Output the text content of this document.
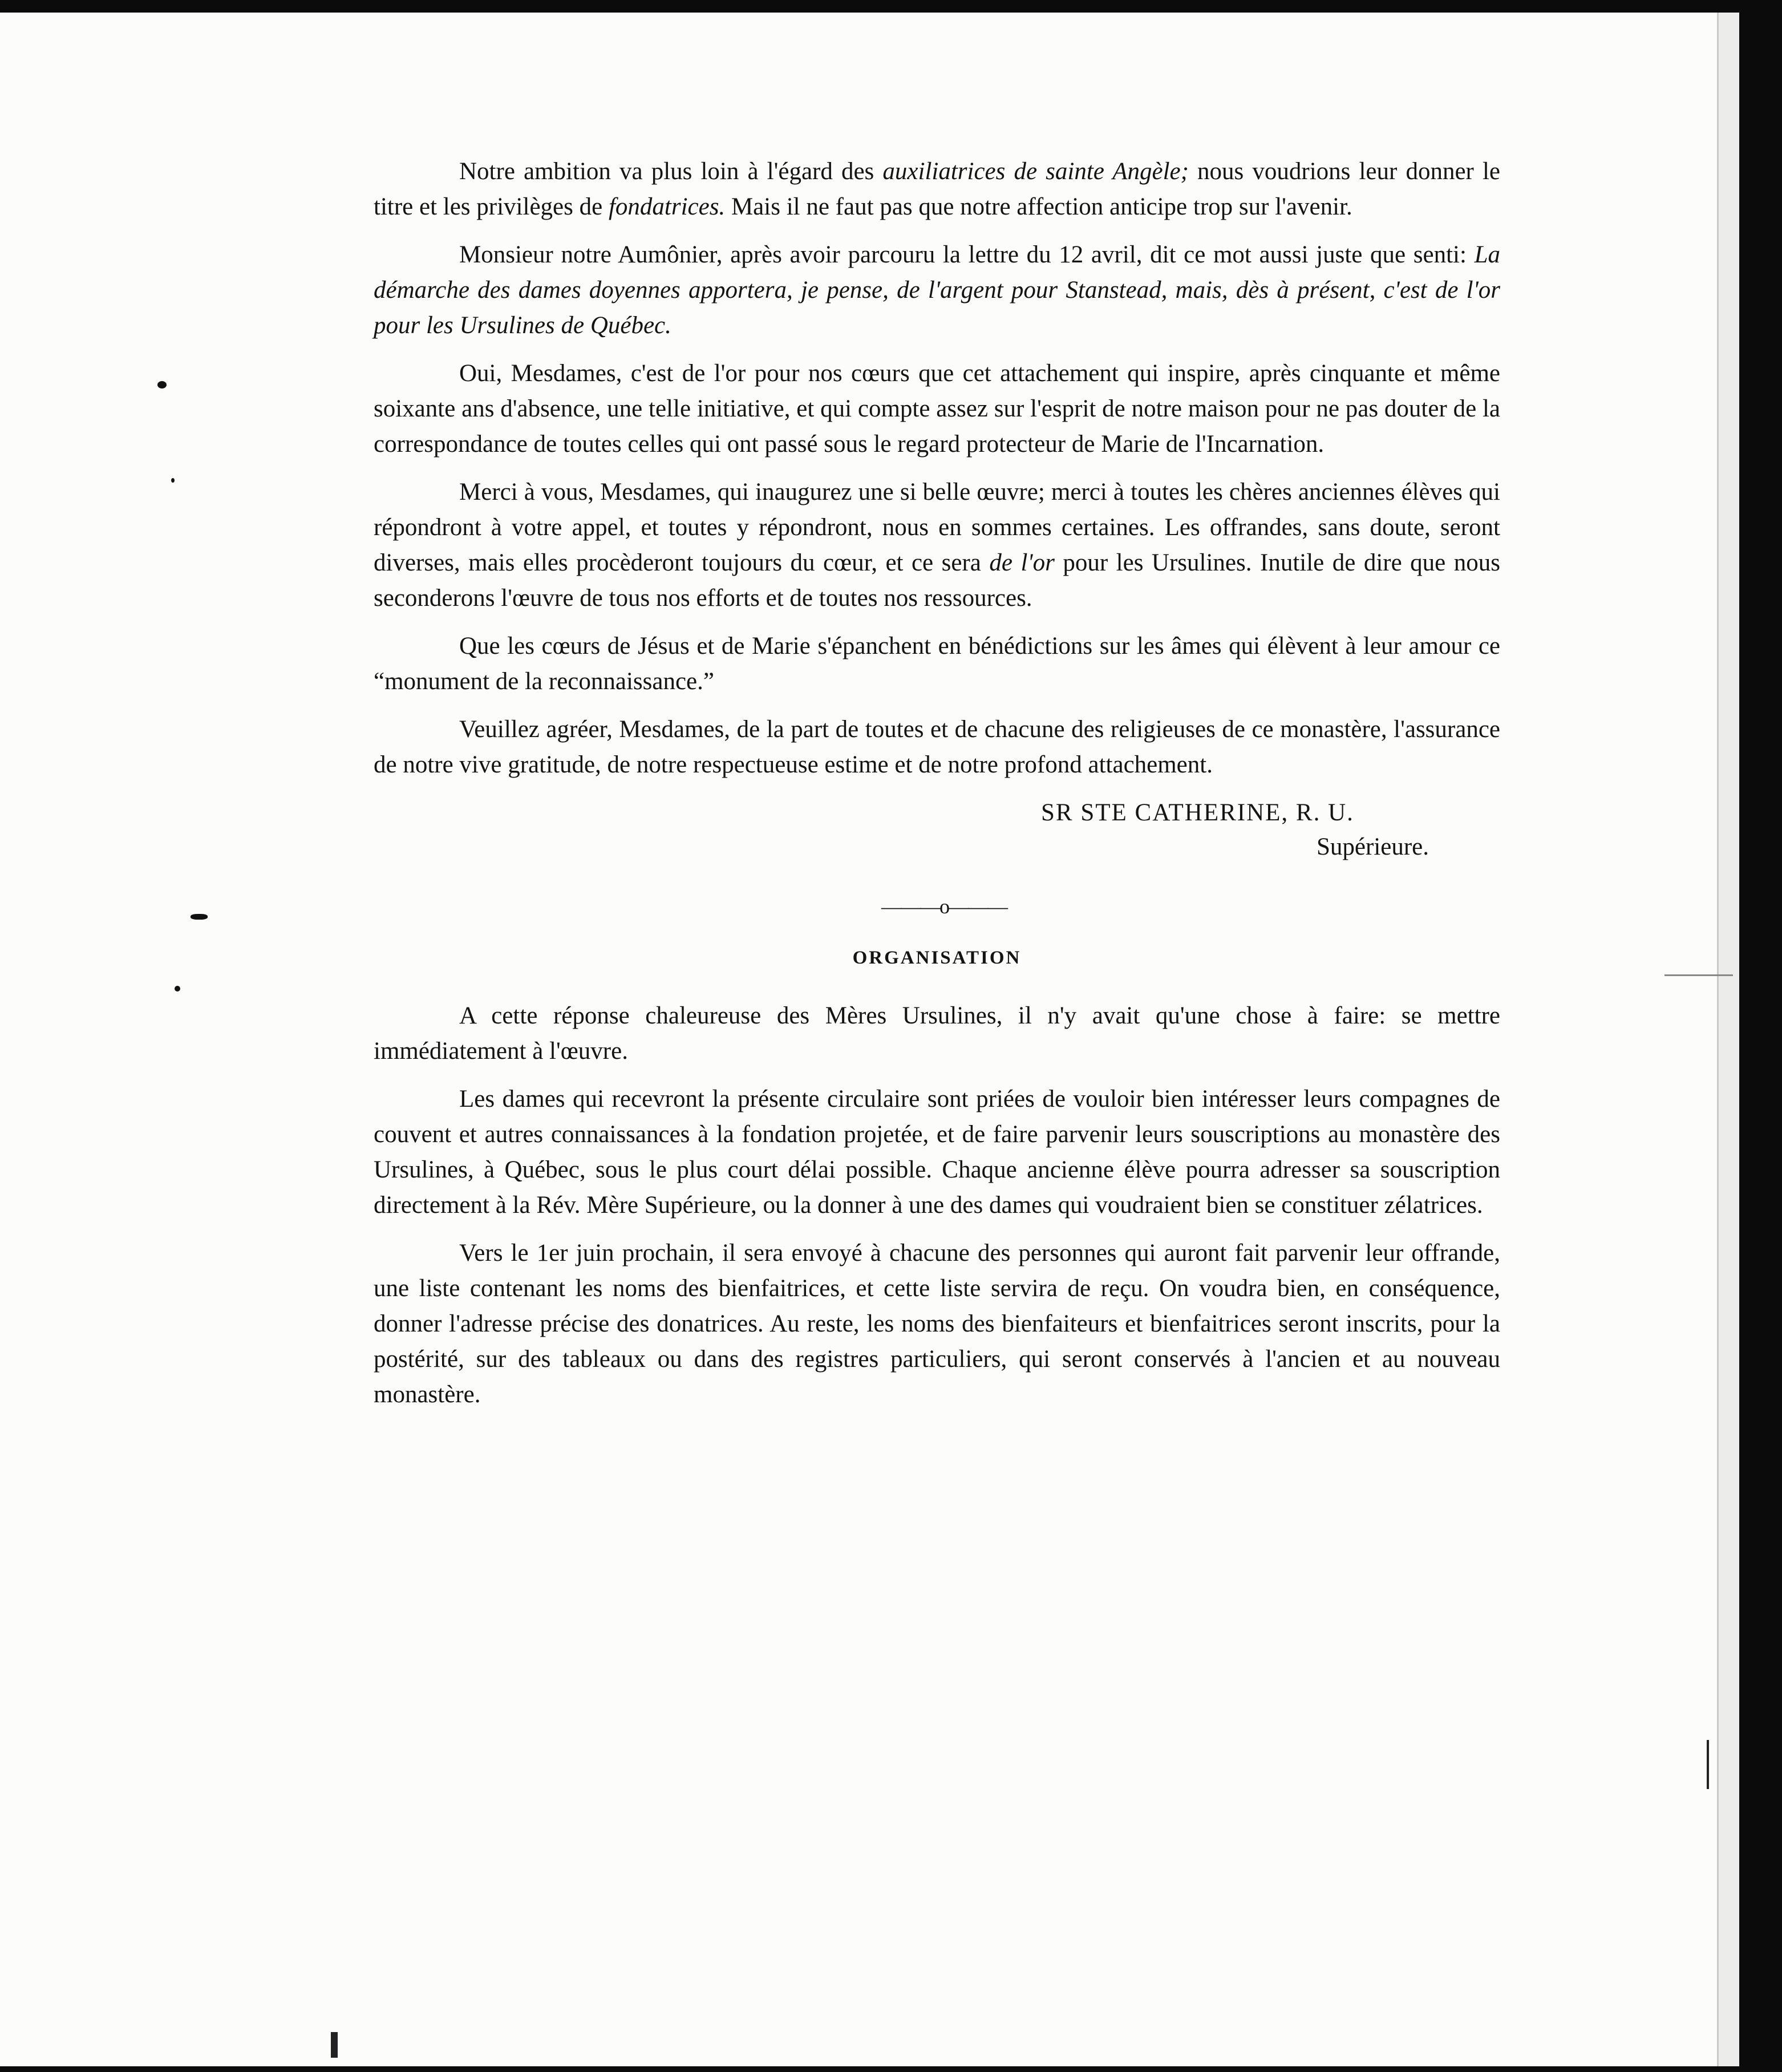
Notre ambition va plus loin à l'égard des auxiliatrices de sainte Angèle; nous voudrions leur donner le titre et les privilèges de fondatrices. Mais il ne faut pas que notre affection anticipe trop sur l'avenir.

Monsieur notre Aumônier, après avoir parcouru la lettre du 12 avril, dit ce mot aussi juste que senti: La démarche des dames doyennes apportera, je pense, de l'argent pour Stanstead, mais, dès à présent, c'est de l'or pour les Ursulines de Québec.

Oui, Mesdames, c'est de l'or pour nos cœurs que cet attachement qui inspire, après cinquante et même soixante ans d'absence, une telle initiative, et qui compte assez sur l'esprit de notre maison pour ne pas douter de la correspondance de toutes celles qui ont passé sous le regard protecteur de Marie de l'Incarnation.

Merci à vous, Mesdames, qui inaugurez une si belle œuvre; merci à toutes les chères anciennes élèves qui répondront à votre appel, et toutes y répondront, nous en sommes certaines. Les offrandes, sans doute, seront diverses, mais elles procèderont toujours du cœur, et ce sera de l'or pour les Ursulines. Inutile de dire que nous seconderons l'œuvre de tous nos efforts et de toutes nos ressources.

Que les cœurs de Jésus et de Marie s'épanchent en bénédictions sur les âmes qui élèvent à leur amour ce “monument de la reconnaissance.”

Veuillez agréer, Mesdames, de la part de toutes et de chacune des religieuses de ce monastère, l'assurance de notre vive gratitude, de notre respectueuse estime et de notre profond attachement.

SR STE CATHERINE, R. U.
Supérieure.
———o———
ORGANISATION

A cette réponse chaleureuse des Mères Ursulines, il n'y avait qu'une chose à faire: se mettre immédiatement à l'œuvre.

Les dames qui recevront la présente circulaire sont priées de vouloir bien intéresser leurs compagnes de couvent et autres connaissances à la fondation projetée, et de faire parvenir leurs souscriptions au monastère des Ursulines, à Québec, sous le plus court délai possible. Chaque ancienne élève pourra adresser sa souscription directement à la Rév. Mère Supérieure, ou la donner à une des dames qui voudraient bien se constituer zélatrices.

Vers le 1er juin prochain, il sera envoyé à chacune des personnes qui auront fait parvenir leur offrande, une liste contenant les noms des bienfaitrices, et cette liste servira de reçu. On voudra bien, en conséquence, donner l'adresse précise des donatrices. Au reste, les noms des bienfaiteurs et bienfaitrices seront inscrits, pour la postérité, sur des tableaux ou dans des registres particuliers, qui seront conservés à l'ancien et au nouveau monastère.
